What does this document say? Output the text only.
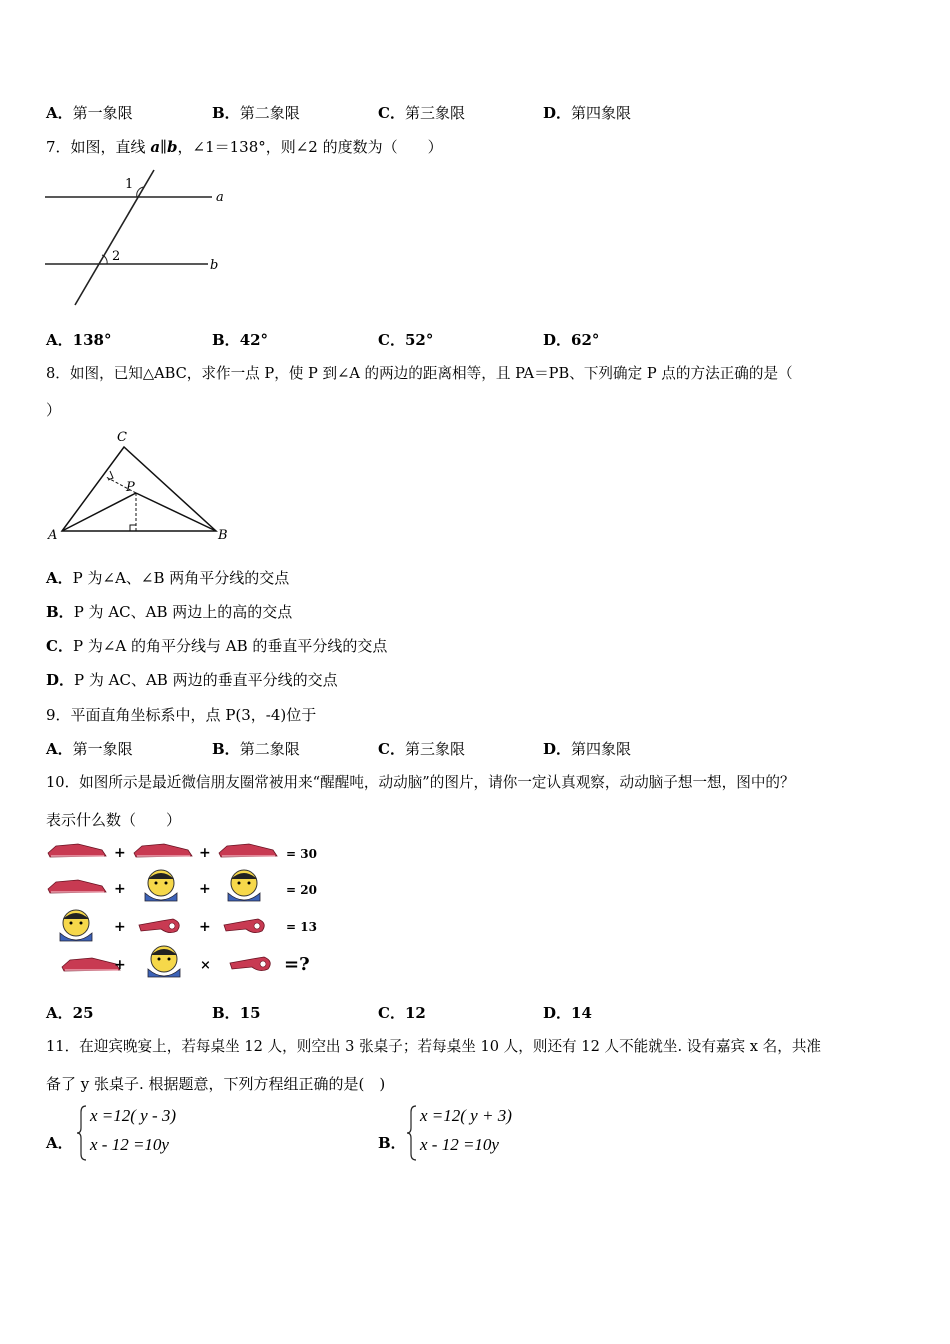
A．第一象限	B．第二象限	C．第三象限	D．第四象限
7．如图，直线 a∥b，∠1＝138°，则∠2 的度数为（　　）
1
2
a
b
A．138°	B．42°	C．52°	D．62°
8．如图，已知△ABC，求作一点 P，使 P 到∠A 的两边的距离相等，且 PA＝PB、下列确定 P 点的方法正确的是（
）
A	B
C
P
A．P 为∠A、∠B 两角平分线的交点
B．P 为 AC、AB 两边上的高的交点
C．P 为∠A 的角平分线与 AB 的垂直平分线的交点
D．P 为 AC、AB 两边的垂直平分线的交点
9．平面直角坐标系中，点 P(3，-4)位于
A．第一象限	B．第二象限	C．第三象限	D．第四象限
10．如图所示是最近微信朋友圈常被用来“醒醒吨，动动脑”的图片，请你一定认真观察，动动脑子想一想，图中的？
表示什么数（　　）
+	+	= 30
+	+	= 20
+	+	= 13
+	×	=?
A．25	B．15	C．12	D．14
11．在迎宾晚宴上，若每桌坐 12 人，则空出 3 张桌子；若每桌坐 10 人，则还有 12 人不能就坐. 设有嘉宾 x 名，共准
备了 y 张桌子. 根据题意，下列方程组正确的是(　)
A．
x =12( y - 3)
x - 12 =10y	B．
x =12( y + 3)
x - 12 =10y
